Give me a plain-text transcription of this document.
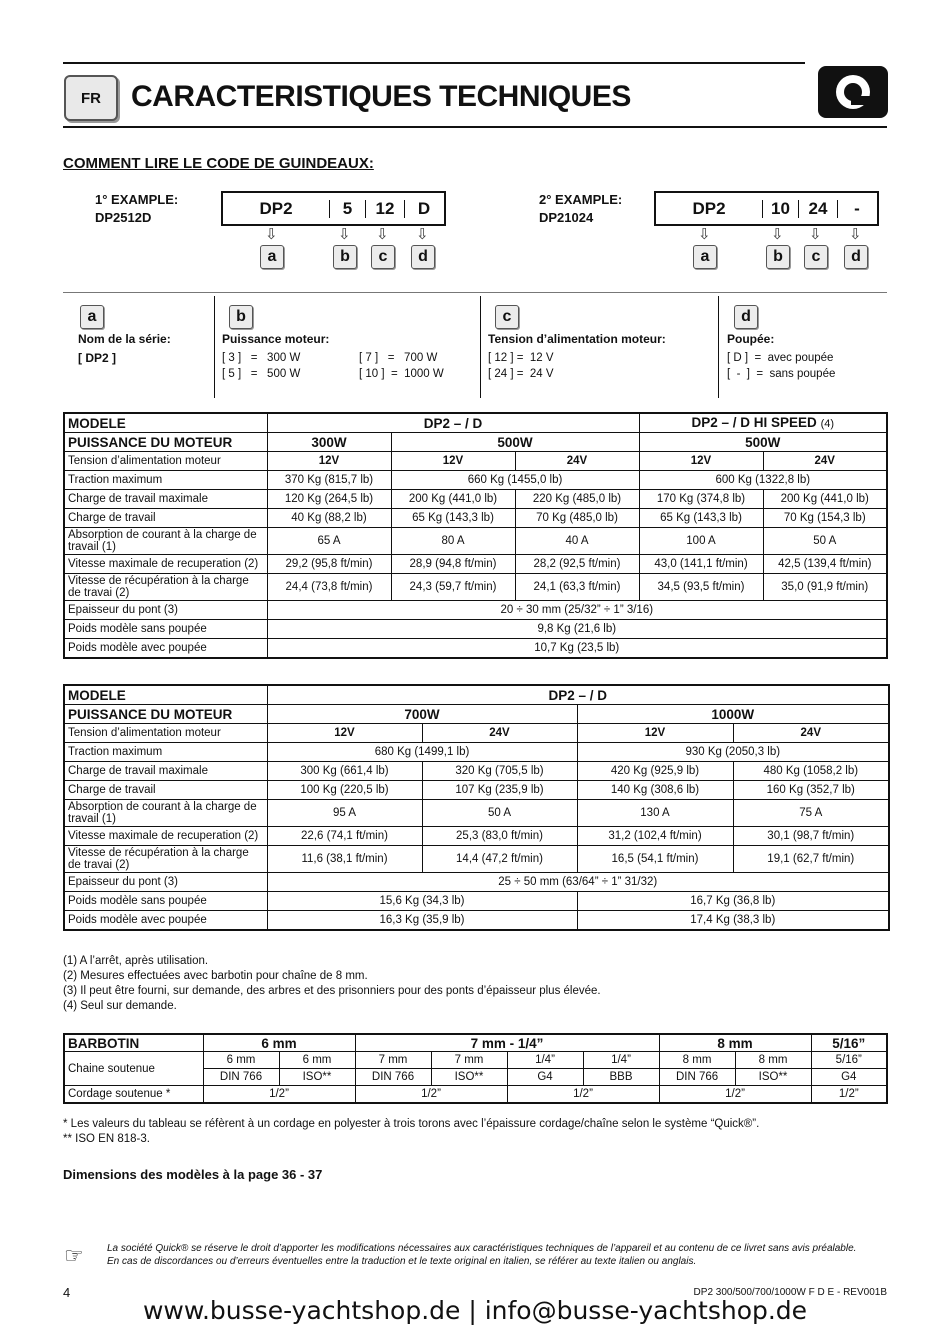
FR	CARACTERISTIQUES TECHNIQUES
COMMENT LIRE LE CODE DE GUINDEAUX:
1° EXAMPLE:
DP2512D	DP2	5	12	D
⇩	⇩ ⇩ ⇩
a	b	c	d
2° EXAMPLE:
DP21024	DP2	10	24	-
⇩	⇩ ⇩ ⇩
a	b	c	d
a
Nom de la série:
[ DP2 ]
b
Puissance moteur:
[ 3 ]   =   300 W
[ 5 ]   =   500 W
[ 7 ]   =   700 W
[ 10 ]  =  1000 W
c
Tension d’alimentation moteur:
[ 12 ] =  12 V
[ 24 ] =  24 V
d
Poupée:
[ D ]  =  avec poupée
[  -  ]  =  sans poupée
MODELE	DP2 – / D			DP2 – / D HI SPEED (4)	
PUISSANCE DU MOTEUR	300W	500W		500W	
Tension d’alimentation moteur	12V	12V	24V	12V	24V
Traction maximum	370 Kg (815,7 lb)	660 Kg (1455,0 lb)		600 Kg (1322,8 lb)	
Charge de travail maximale	120 Kg (264,5 lb)	200 Kg (441,0 lb)	220 Kg (485,0 lb)	170 Kg (374,8 lb)	200 Kg (441,0 lb)
Charge de travail	40 Kg (88,2 lb)	65 Kg (143,3 lb)	70 Kg (485,0 lb)	65 Kg (143,3 lb)	70 Kg (154,3 lb)
Absorption de courant à la charge de travail (1)	65 A	80 A	40 A	100 A	50 A
Vitesse maximale de recuperation (2)	29,2 (95,8 ft/min)	28,9 (94,8 ft/min)	28,2 (92,5 ft/min)	43,0 (141,1 ft/min)	42,5 (139,4 ft/min)
Vitesse de récupération à la charge de travai (2)	24,4 (73,8 ft/min)	24,3 (59,7 ft/min)	24,1 (63,3 ft/min)	34,5 (93,5 ft/min)	35,0 (91,9 ft/min)
Epaisseur du pont (3)	20 ÷ 30 mm (25/32” ÷ 1” 3/16)				
Poids modèle sans poupée	9,8 Kg (21,6 lb)				
Poids modèle avec poupée	10,7 Kg (23,5 lb)				
MODELE	DP2 – / D			
PUISSANCE DU MOTEUR	700W		1000W	
Tension d’alimentation moteur	12V	24V	12V	24V
Traction maximum	680 Kg (1499,1 lb)		930 Kg (2050,3 lb)	
Charge de travail maximale	300 Kg (661,4 lb)	320 Kg (705,5 lb)	420 Kg (925,9 lb)	480 Kg (1058,2 lb)
Charge de travail	100 Kg (220,5 lb)	107 Kg (235,9 lb)	140 Kg (308,6 lb)	160 Kg (352,7 lb)
Absorption de courant à la charge de travail (1)	95 A	50 A	130 A	75 A
Vitesse maximale de recuperation (2)	22,6 (74,1 ft/min)	25,3 (83,0 ft/min)	31,2 (102,4 ft/min)	30,1 (98,7 ft/min)
Vitesse de récupération à la charge de travai (2)	11,6 (38,1 ft/min)	14,4 (47,2 ft/min)	16,5 (54,1 ft/min)	19,1 (62,7 ft/min)
Epaisseur du pont (3)	25 ÷ 50 mm (63/64” ÷ 1” 31/32)			
Poids modèle sans poupée	15,6 Kg (34,3 lb)		16,7 Kg (36,8 lb)	
Poids modèle avec poupée	16,3 Kg (35,9 lb)		17,4 Kg (38,3 lb)	
(1) A l’arrêt, après utilisation.
(2) Mesures effectuées avec barbotin pour chaîne de 8 mm.
(3) Il peut être fourni, sur demande, des arbres et des prisonniers pour des ponts d’épaisseur plus élevée.
(4) Seul sur demande.
BARBOTIN	6 mm		7 mm - 1/4”				8 mm		5/16”
Chaine soutenue	6 mm	6 mm	7 mm	7 mm	1/4”	1/4”	8 mm	8 mm	5/16”
	DIN 766	ISO**	DIN 766	ISO**	G4	BBB	DIN 766	ISO**	G4
Cordage soutenue *	1/2”		1/2”		1/2”		1/2”		1/2”
* Les valeurs du tableau se réfèrent à un cordage en polyester à trois torons avec l’épaissure cordage/chaîne selon le système “Quick®”.
** ISO EN 818-3.
Dimensions des modèles à la page 36 - 37
☞ La société Quick® se réserve le droit d’apporter les modifications nécessaires aux caractéristiques techniques de l’appareil et au contenu de ce livret sans avis préalable.
En cas de discordances ou d’erreurs éventuelles entre la traduction et le texte original en italien, se référer au texte italien ou anglais.
4	DP2 300/500/700/1000W F D E - REV001B
www.busse-yachtshop.de | info@busse-yachtshop.de
